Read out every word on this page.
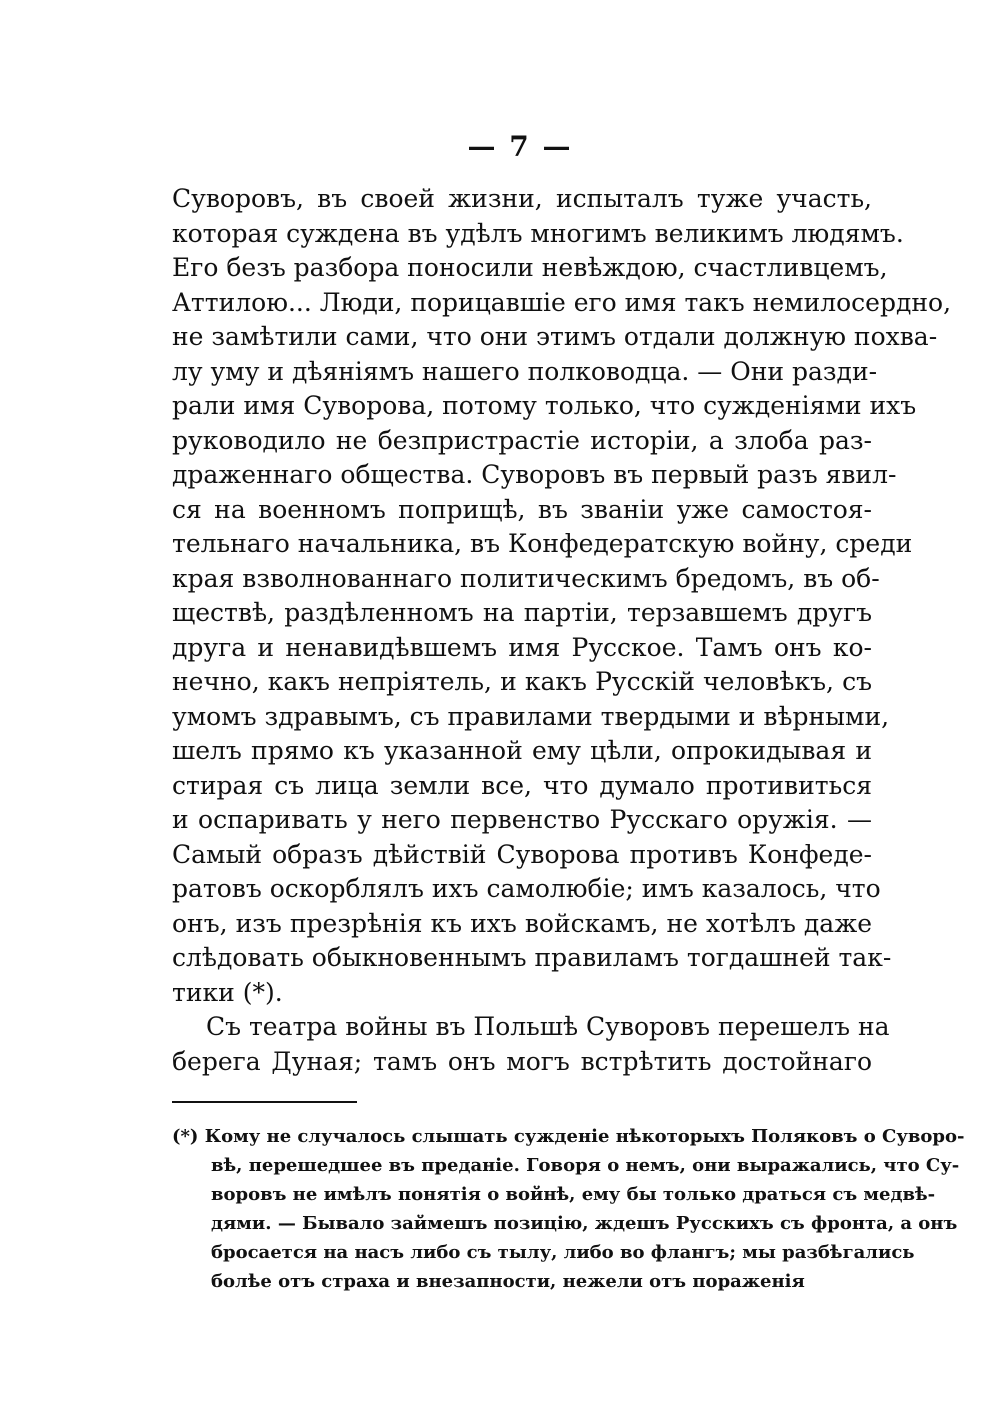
— 7 —
Суворовъ, въ своей жизни, испыталъ туже участь,
которая суждена въ удѣлъ многимъ великимъ людямъ.
Его безъ разбора поносили невѣждою, счастливцемъ,
Аттилою... Люди, порицавшіе его имя такъ немилосердно,
не замѣтили сами, что они этимъ отдали должную похва-
лу уму и дѣяніямъ нашего полководца. — Они разди-
рали имя Суворова, потому только, что сужденіями ихъ
руководило не безпристрастіе исторіи, а злоба раз-
драженнаго общества. Суворовъ въ первый разъ явил-
ся на военномъ поприщѣ, въ званіи уже самостоя-
тельнаго начальника, въ Конфедератскую войну, среди
края взволнованнаго политическимъ бредомъ, въ об-
ществѣ, раздѣленномъ на партіи, терзавшемъ другъ
друга и ненавидѣвшемъ имя Русское. Тамъ онъ ко-
нечно, какъ непріятель, и какъ Русскій человѣкъ, съ
умомъ здравымъ, съ правилами твердыми и вѣрными,
шелъ прямо къ указанной ему цѣли, опрокидывая и
стирая съ лица земли все, что думало противиться
и оспаривать у него первенство Русскаго оружія. —
Самый образъ дѣйствій Суворова противъ Конфеде-
ратовъ оскорблялъ ихъ самолюбіе; имъ казалось, что
онъ, изъ презрѣнія къ ихъ войскамъ, не хотѣлъ даже
слѣдовать обыкновеннымъ правиламъ тогдашней так-
тики (*).
Съ театра войны въ Польшѣ Суворовъ перешелъ на
берега Дуная; тамъ онъ могъ встрѣтить достойнаго
(*) Кому не случалось слышать сужденіе нѣкоторыхъ Поляковъ о Суворо-
вѣ, перешедшее въ преданіе. Говоря о немъ, они выражались, что Су-
воровъ не имѣлъ понятія о войнѣ, ему бы только драться съ медвѣ-
дями. — Бывало займешъ позицію, ждешъ Русскихъ съ фронта, а онъ
бросается на насъ либо съ тылу, либо во флангъ; мы разбѣгались
болѣе отъ страха и внезапности, нежели отъ пораженія
